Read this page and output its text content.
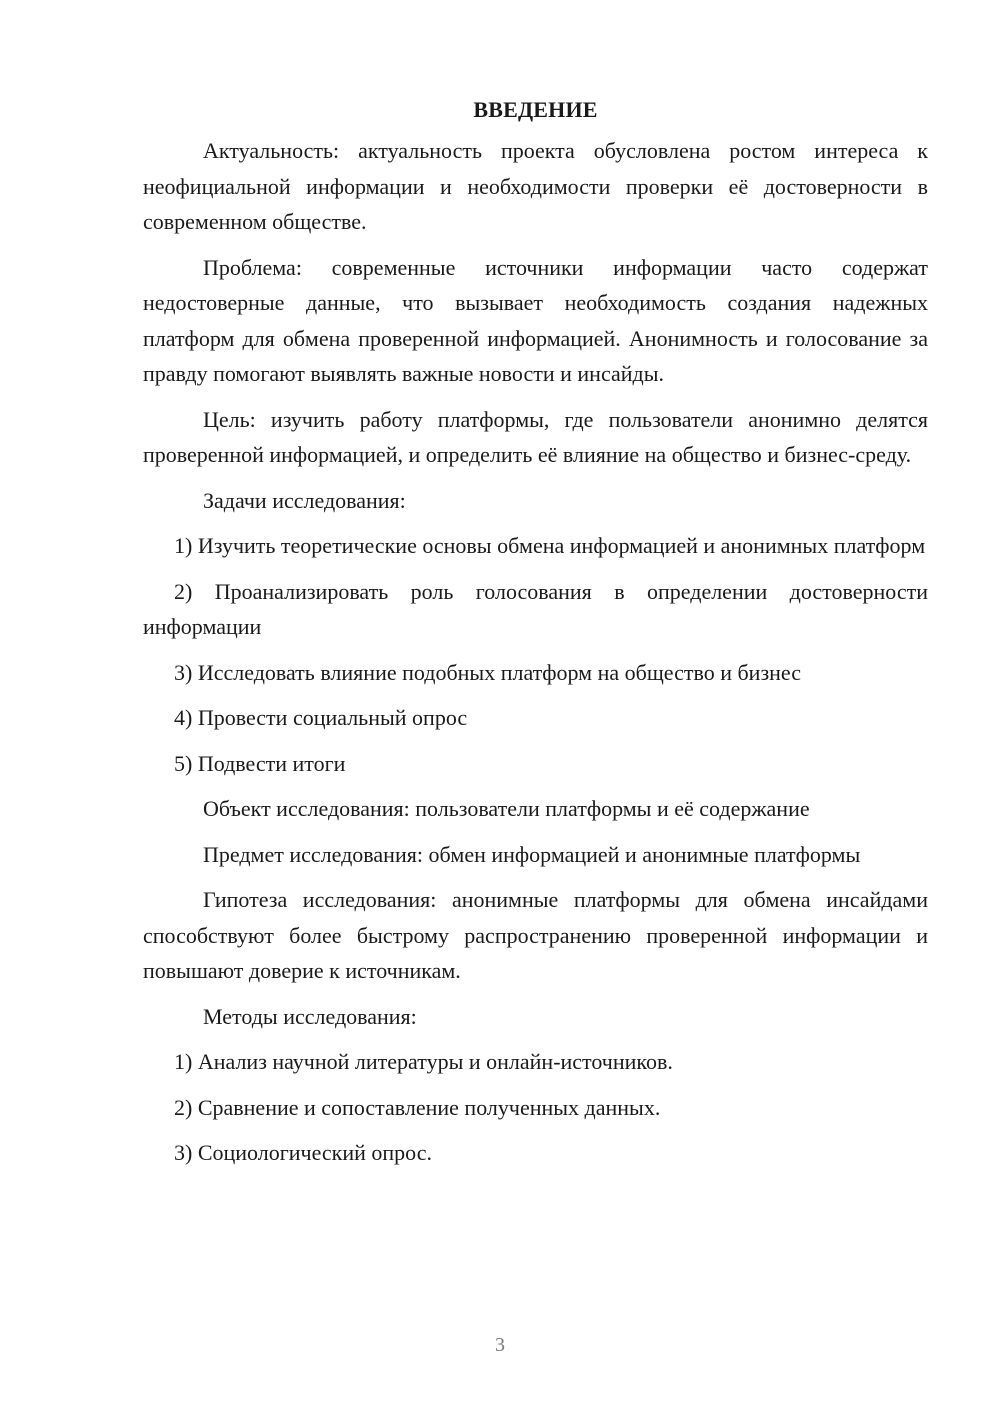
ВВЕДЕНИЕ

Актуальность: актуальность проекта обусловлена ростом интереса к неофициальной информации и необходимости проверки её достоверности в современном обществе.

Проблема: современные источники информации часто содержат недостоверные данные, что вызывает необходимость создания надежных платформ для обмена проверенной информацией. Анонимность и голосование за правду помогают выявлять важные новости и инсайды.

Цель: изучить работу платформы, где пользователи анонимно делятся проверенной информацией, и определить её влияние на общество и бизнес-среду.

Задачи исследования:

1) Изучить теоретические основы обмена информацией и анонимных платформ

2) Проанализировать роль голосования в определении достоверности информации

3) Исследовать влияние подобных платформ на общество и бизнес

4) Провести социальный опрос

5) Подвести итоги

Объект исследования: пользователи платформы и её содержание

Предмет исследования: обмен информацией и анонимные платформы

Гипотеза исследования: анонимные платформы для обмена инсайдами способствуют более быстрому распространению проверенной информации и повышают доверие к источникам.

Методы исследования:

1) Анализ научной литературы и онлайн-источников.

2) Сравнение и сопоставление полученных данных.

3) Социологический опрос.

3
